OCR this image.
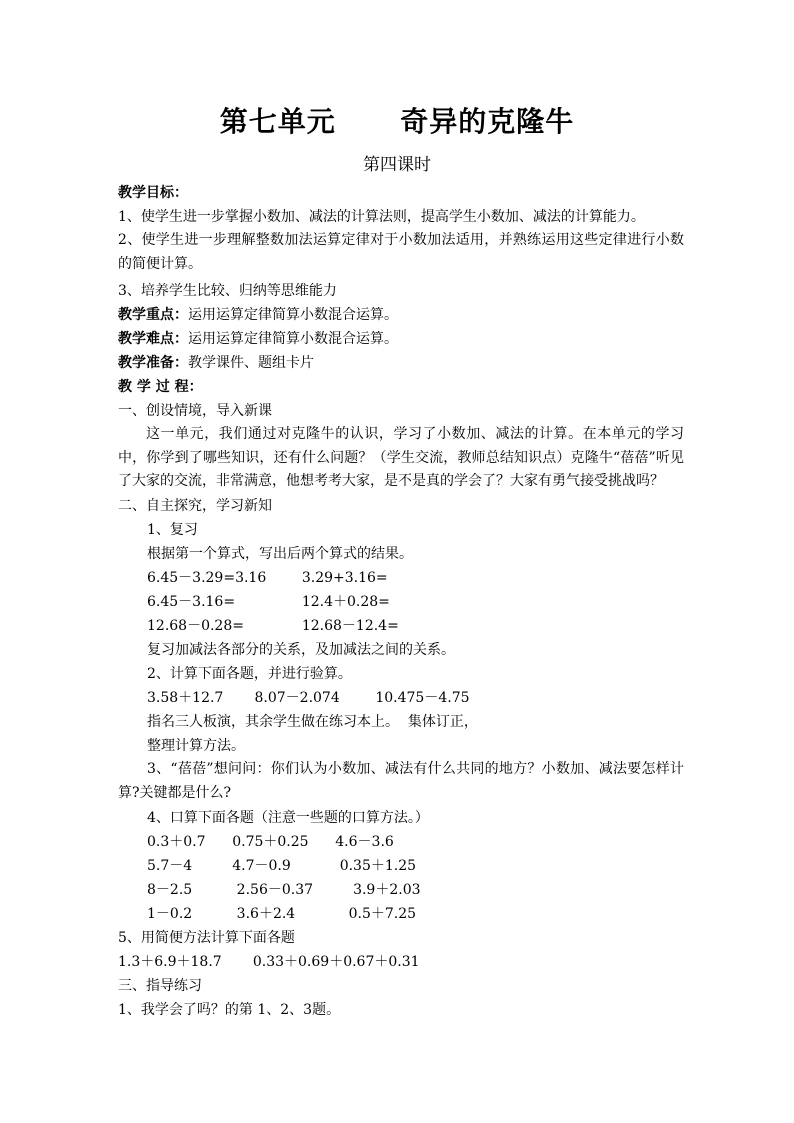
第七单元      奇异的克隆牛
第四课时
教学目标：
1、使学生进一步掌握小数加、减法的计算法则，提高学生小数加、减法的计算能力。
2、使学生进一步理解整数加法运算定律对于小数加法适用，并熟练运用这些定律进行小数的简便计算。
3、培养学生比较、归纳等思维能力
教学重点：运用运算定律简算小数混合运算。
教学难点：运用运算定律简算小数混合运算。
教学准备：教学课件、题组卡片
教 学 过 程：
一、创设情境，导入新课
这一单元，我们通过对克隆牛的认识，学习了小数加、减法的计算。在本单元的学习中，你学到了哪些知识，还有什么问题？（学生交流，教师总结知识点）克隆牛“蓓蓓”听见了大家的交流，非常满意，他想考考大家，是不是真的学会了？大家有勇气接受挑战吗？
二、自主探究，学习新知
1、复习
根据第一个算式，写出后两个算式的结果。
6.45－3.29=3.16        3.29+3.16=
6.45－3.16=               12.4＋0.28=
12.68－0.28=             12.68－12.4=
复习加减法各部分的关系，及加减法之间的关系。
2、计算下面各题，并进行验算。
3.58＋12.7       8.07－2.074        10.475－4.75
指名三人板演，其余学生做在练习本上。  集体订正，
整理计算方法。
3、“蓓蓓”想问问：你们认为小数加、减法有什么共同的地方？小数加、减法要怎样计算?关键都是什么?
4、口算下面各题（注意一些题的口算方法。）
0.3＋0.7      0.75＋0.25      4.6－3.6
5.7－4         4.7－0.9           0.35＋1.25
8－2.5          2.56－0.37         3.9＋2.03
1－0.2          3.6＋2.4            0.5＋7.25
5、用简便方法计算下面各题
1.3＋6.9＋18.7       0.33＋0.69＋0.67＋0.31
三、指导练习
1、我学会了吗？的第 1、2、3题。
